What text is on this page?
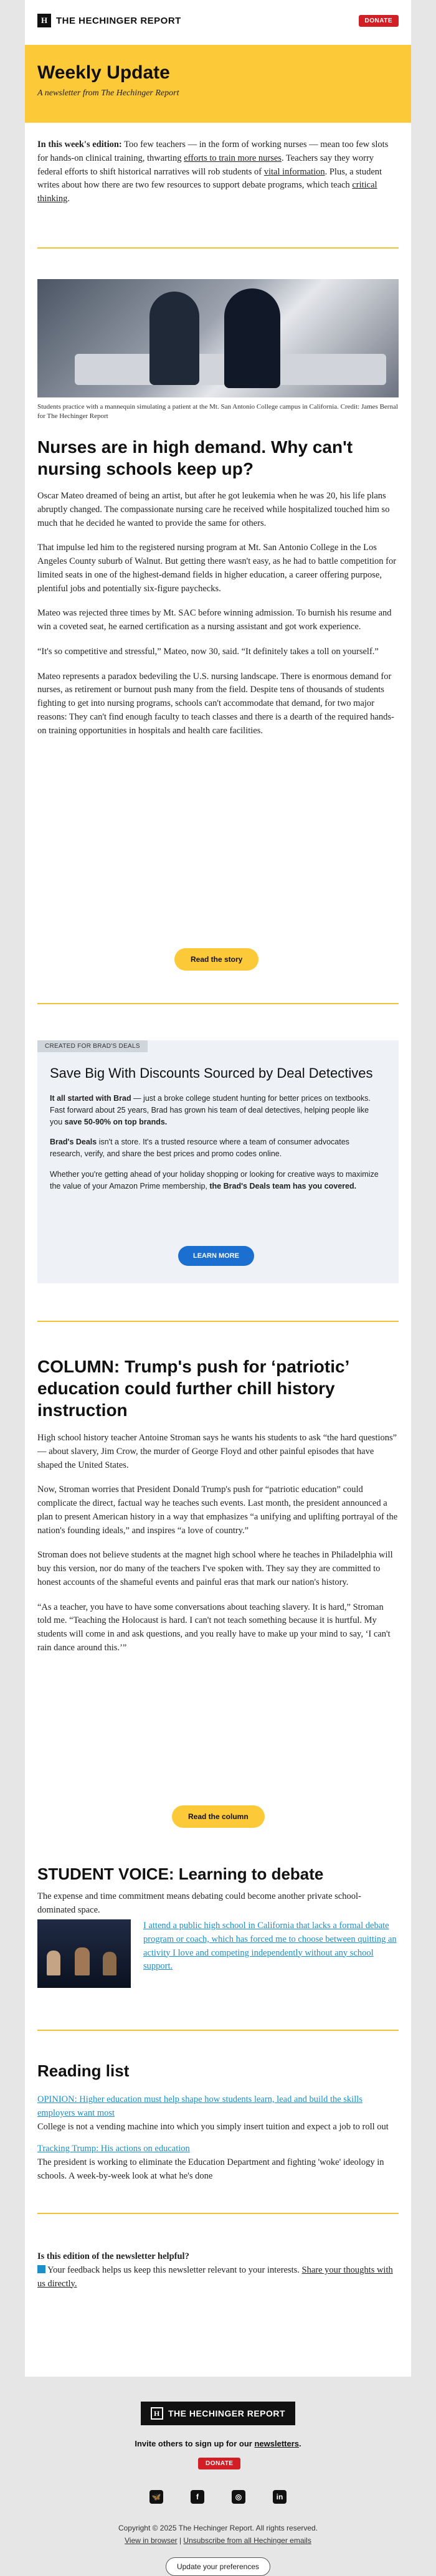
H THE HECHINGER REPORT	DONATE
Weekly Update

A newsletter from The Hechinger Report

In this week's edition: Too few teachers — in the form of working nurses — mean too few slots for hands-on clinical training, thwarting efforts to train more nurses. Teachers say they worry federal efforts to shift historical narratives will rob students of vital information. Plus, a student writes about how there are two few resources to support debate programs, which teach critical thinking.
Students practice with a mannequin simulating a patient at the Mt. San Antonio College campus in California. Credit: James Bernal for The Hechinger Report
Nurses are in high demand. Why can't nursing schools keep up?

Oscar Mateo dreamed of being an artist, but after he got leukemia when he was 20, his life plans abruptly changed. The compassionate nursing care he received while hospitalized touched him so much that he decided he wanted to provide the same for others.

That impulse led him to the registered nursing program at Mt. San Antonio College in the Los Angeles County suburb of Walnut. But getting there wasn't easy, as he had to battle competition for limited seats in one of the highest-demand fields in higher education, a career offering purpose, plentiful jobs and potentially six-figure paychecks.

Mateo was rejected three times by Mt. SAC before winning admission. To burnish his resume and win a coveted seat, he earned certification as a nursing assistant and got work experience.

“It's so competitive and stressful,” Mateo, now 30, said. “It definitely takes a toll on yourself.”

Mateo represents a paradox bedeviling the U.S. nursing landscape. There is enormous demand for nurses, as retirement or burnout push many from the field. Despite tens of thousands of students fighting to get into nursing programs, schools can't accommodate that demand, for two major reasons: They can't find enough faculty to teach classes and there is a dearth of the required hands-on training opportunities in hospitals and health care facilities.

Read the story
CREATED FOR BRAD'S DEALS
Save Big With Discounts Sourced by Deal Detectives

It all started with Brad — just a broke college student hunting for better prices on textbooks. Fast forward about 25 years, Brad has grown his team of deal detectives, helping people like you save 50-90% on top brands.

Brad's Deals isn't a store. It's a trusted resource where a team of consumer advocates research, verify, and share the best prices and promo codes online.

Whether you're getting ahead of your holiday shopping or looking for creative ways to maximize the value of your Amazon Prime membership, the Brad's Deals team has you covered.

LEARN MORE
COLUMN: Trump's push for ‘patriotic’ education could further chill history instruction

High school history teacher Antoine Stroman says he wants his students to ask “the hard questions” — about slavery, Jim Crow, the murder of George Floyd and other painful episodes that have shaped the United States.

Now, Stroman worries that President Donald Trump's push for “patriotic education” could complicate the direct, factual way he teaches such events. Last month, the president announced a plan to present American history in a way that emphasizes “a unifying and uplifting portrayal of the nation's founding ideals,” and inspires “a love of country.”

Stroman does not believe students at the magnet high school where he teaches in Philadelphia will buy this version, nor do many of the teachers I've spoken with. They say they are committed to honest accounts of the shameful events and painful eras that mark our nation's history.

“As a teacher, you have to have some conversations about teaching slavery. It is hard,” Stroman told me. “Teaching the Holocaust is hard. I can't not teach something because it is hurtful. My students will come in and ask questions, and you really have to make up your mind to say, ‘I can't rain dance around this.’”

Read the column
STUDENT VOICE: Learning to debate
The expense and time commitment means debating could become another private school-dominated space.
I attend a public high school in California that lacks a formal debate program or coach, which has forced me to choose between quitting an activity I love and competing independently without any school support.
Reading list
OPINION: Higher education must help shape how students learn, lead and build the skills employers want most
College is not a vending machine into which you simply insert tuition and expect a job to roll out
Tracking Trump: His actions on education
The president is working to eliminate the Education Department and fighting 'woke' ideology in schools. A week-by-week look at what he's done
Is this edition of the newsletter helpful?
Your feedback helps us keep this newsletter relevant to your interests. Share your thoughts with us directly.
H THE HECHINGER REPORT
Invite others to sign up for our newsletters.
DONATE
🦋	f	◎	in
Copyright © 2025 The Hechinger Report. All rights reserved.
View in browser | Unsubscribe from all Hechinger emails
Update your preferences
